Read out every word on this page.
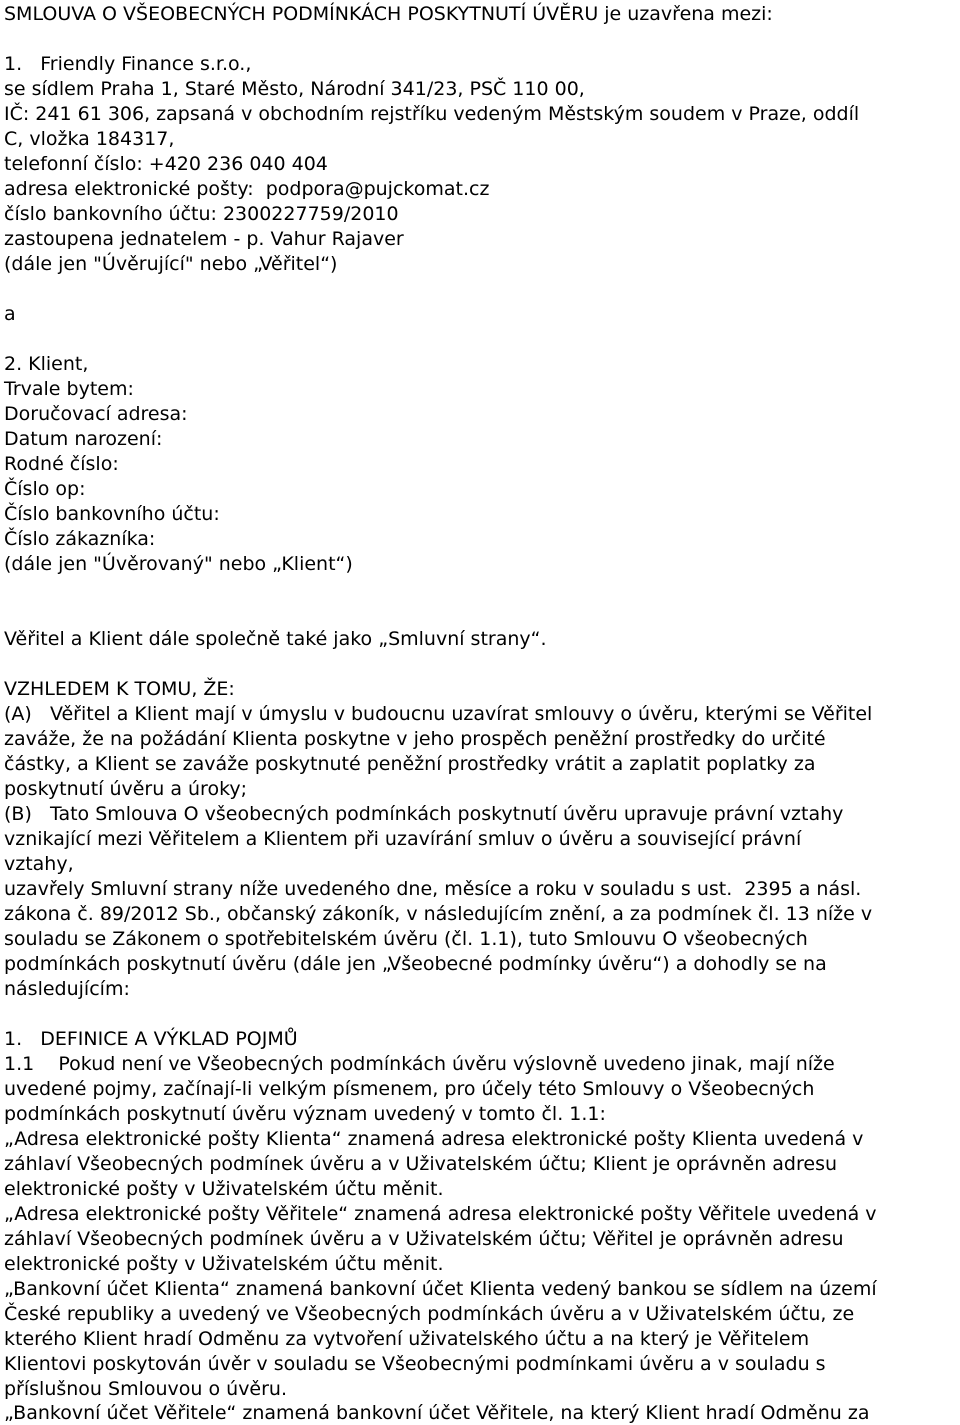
SMLOUVA O VŠEOBECNÝCH PODMÍNKÁCH POSKYTNUTÍ ÚVĚRU je uzavřena mezi:
1.   Friendly Finance s.r.o.,
se sídlem Praha 1, Staré Město, Národní 341/23, PSČ 110 00,
IČ: 241 61 306, zapsaná v obchodním rejstříku vedeným Městským soudem v Praze, oddíl
C, vložka 184317,
telefonní číslo: +420 236 040 404
adresa elektronické pošty:  podpora@pujckomat.cz
číslo bankovního účtu: 2300227759/2010
zastoupena jednatelem - p. Vahur Rajaver
(dále jen "Úvěrující" nebo „Věřitel“)
a
2. Klient,
Trvale bytem:
Doručovací adresa:
Datum narození:
Rodné číslo:
Číslo op:
Číslo bankovního účtu:
Číslo zákazníka:
(dále jen "Úvěrovaný" nebo „Klient“)
Věřitel a Klient dále společně také jako „Smluvní strany“.
VZHLEDEM K TOMU, ŽE:
(A)   Věřitel a Klient mají v úmyslu v budoucnu uzavírat smlouvy o úvěru, kterými se Věřitel
zaváže, že na požádání Klienta poskytne v jeho prospěch peněžní prostředky do určité
částky, a Klient se zaváže poskytnuté peněžní prostředky vrátit a zaplatit poplatky za
poskytnutí úvěru a úroky;
(B)   Tato Smlouva O všeobecných podmínkách poskytnutí úvěru upravuje právní vztahy
vznikající mezi Věřitelem a Klientem při uzavírání smluv o úvěru a související právní
vztahy,
uzavřely Smluvní strany níže uvedeného dne, měsíce a roku v souladu s ust.  2395 a násl.
zákona č. 89/2012 Sb., občanský zákoník, v následujícím znění, a za podmínek čl. 13 níže v
souladu se Zákonem o spotřebitelském úvěru (čl. 1.1), tuto Smlouvu O všeobecných
podmínkách poskytnutí úvěru (dále jen „Všeobecné podmínky úvěru“) a dohodly se na
následujícím:
1.   DEFINICE A VÝKLAD POJMŮ
1.1    Pokud není ve Všeobecných podmínkách úvěru výslovně uvedeno jinak, mají níže
uvedené pojmy, začínají-li velkým písmenem, pro účely této Smlouvy o Všeobecných
podmínkách poskytnutí úvěru význam uvedený v tomto čl. 1.1:
„Adresa elektronické pošty Klienta“ znamená adresa elektronické pošty Klienta uvedená v
záhlaví Všeobecných podmínek úvěru a v Uživatelském účtu; Klient je oprávněn adresu
elektronické pošty v Uživatelském účtu měnit.
„Adresa elektronické pošty Věřitele“ znamená adresa elektronické pošty Věřitele uvedená v
záhlaví Všeobecných podmínek úvěru a v Uživatelském účtu; Věřitel je oprávněn adresu
elektronické pošty v Uživatelském účtu měnit.
„Bankovní účet Klienta“ znamená bankovní účet Klienta vedený bankou se sídlem na území
České republiky a uvedený ve Všeobecných podmínkách úvěru a v Uživatelském účtu, ze
kterého Klient hradí Odměnu za vytvoření uživatelského účtu a na který je Věřitelem
Klientovi poskytován úvěr v souladu se Všeobecnými podmínkami úvěru a v souladu s
příslušnou Smlouvou o úvěru.
„Bankovní účet Věřitele“ znamená bankovní účet Věřitele, na který Klient hradí Odměnu za
